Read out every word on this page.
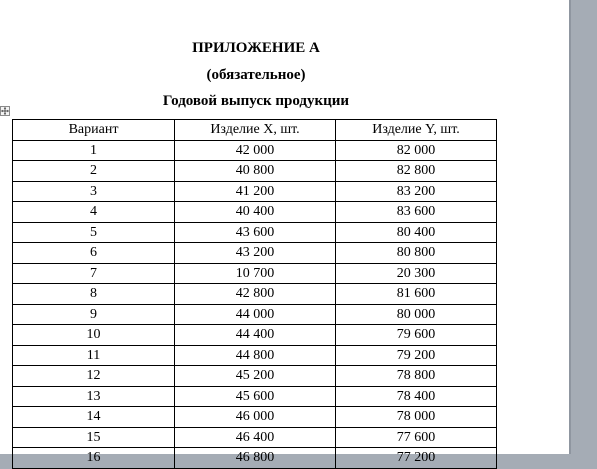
ПРИЛОЖЕНИЕ А
(обязательное)
Годовой выпуск продукции
Вариант	Изделие X, шт.	Изделие Y, шт.
1	42 000	82 000
2	40 800	82 800
3	41 200	83 200
4	40 400	83 600
5	43 600	80 400
6	43 200	80 800
7	10 700	20 300
8	42 800	81 600
9	44 000	80 000
10	44 400	79 600
11	44 800	79 200
12	45 200	78 800
13	45 600	78 400
14	46 000	78 000
15	46 400	77 600
16	46 800	77 200
